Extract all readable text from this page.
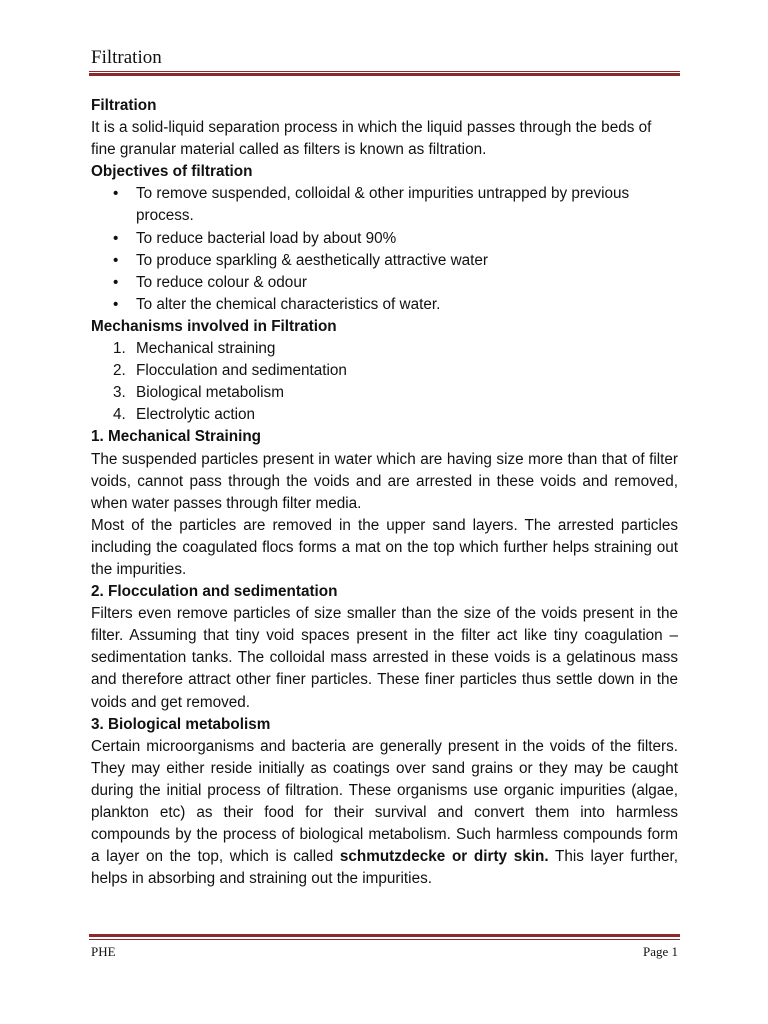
Filtration

Filtration

It is a solid-liquid separation process in which the liquid passes through the beds of fine granular material called as filters is known as filtration.

Objectives of filtration

• To remove suspended, colloidal & other impurities untrapped by previous process.
• To reduce bacterial load by about 90%
• To produce sparkling & aesthetically attractive water
• To reduce colour & odour
• To alter the chemical characteristics of water.

Mechanisms involved in Filtration

1. Mechanical straining
2. Flocculation and sedimentation
3. Biological metabolism
4. Electrolytic action

1. Mechanical Straining

The suspended particles present in water which are having size more than that of filter voids, cannot pass through the voids and are arrested in these voids and removed, when water passes through filter media.

Most of the particles are removed in the upper sand layers. The arrested particles including the coagulated flocs forms a mat on the top which further helps straining out the impurities.

2. Flocculation and sedimentation

Filters even remove particles of size smaller than the size of the voids present in the filter. Assuming that tiny void spaces present in the filter act like tiny coagulation –sedimentation tanks. The colloidal mass arrested in these voids is a gelatinous mass and therefore attract other finer particles. These finer particles thus settle down in the voids and get removed.

3. Biological metabolism

Certain microorganisms and bacteria are generally present in the voids of the filters. They may either reside initially as coatings over sand grains or they may be caught during the initial process of filtration. These organisms use organic impurities (algae, plankton etc) as their food for their survival and convert them into harmless compounds by the process of biological metabolism. Such harmless compounds form a layer on the top, which is called schmutzdecke or dirty skin. This layer further, helps in absorbing and straining out the impurities.

PHE	Page 1
